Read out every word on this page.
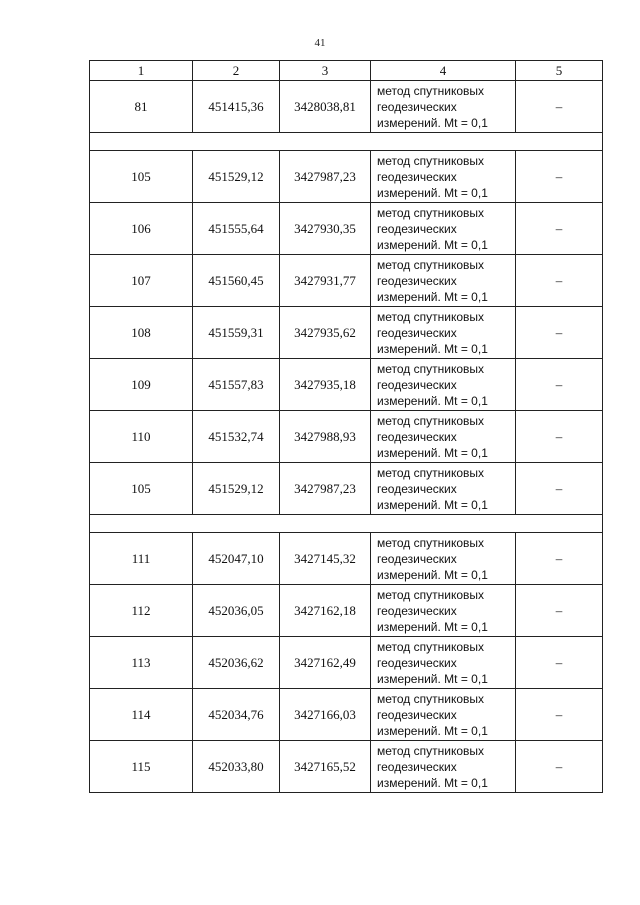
41
1	2	3	4	5
81	451415,36	3428038,81	метод спутниковых
геодезических
измерений. Mt = 0,1	–

105	451529,12	3427987,23	метод спутниковых
геодезических
измерений. Mt = 0,1	–
106	451555,64	3427930,35	метод спутниковых
геодезических
измерений. Mt = 0,1	–
107	451560,45	3427931,77	метод спутниковых
геодезических
измерений. Mt = 0,1	–
108	451559,31	3427935,62	метод спутниковых
геодезических
измерений. Mt = 0,1	–
109	451557,83	3427935,18	метод спутниковых
геодезических
измерений. Mt = 0,1	–
110	451532,74	3427988,93	метод спутниковых
геодезических
измерений. Mt = 0,1	–
105	451529,12	3427987,23	метод спутниковых
геодезических
измерений. Mt = 0,1	–

111	452047,10	3427145,32	метод спутниковых
геодезических
измерений. Mt = 0,1	–
112	452036,05	3427162,18	метод спутниковых
геодезических
измерений. Mt = 0,1	–
113	452036,62	3427162,49	метод спутниковых
геодезических
измерений. Mt = 0,1	–
114	452034,76	3427166,03	метод спутниковых
геодезических
измерений. Mt = 0,1	–
115	452033,80	3427165,52	метод спутниковых
геодезических
измерений. Mt = 0,1	–
